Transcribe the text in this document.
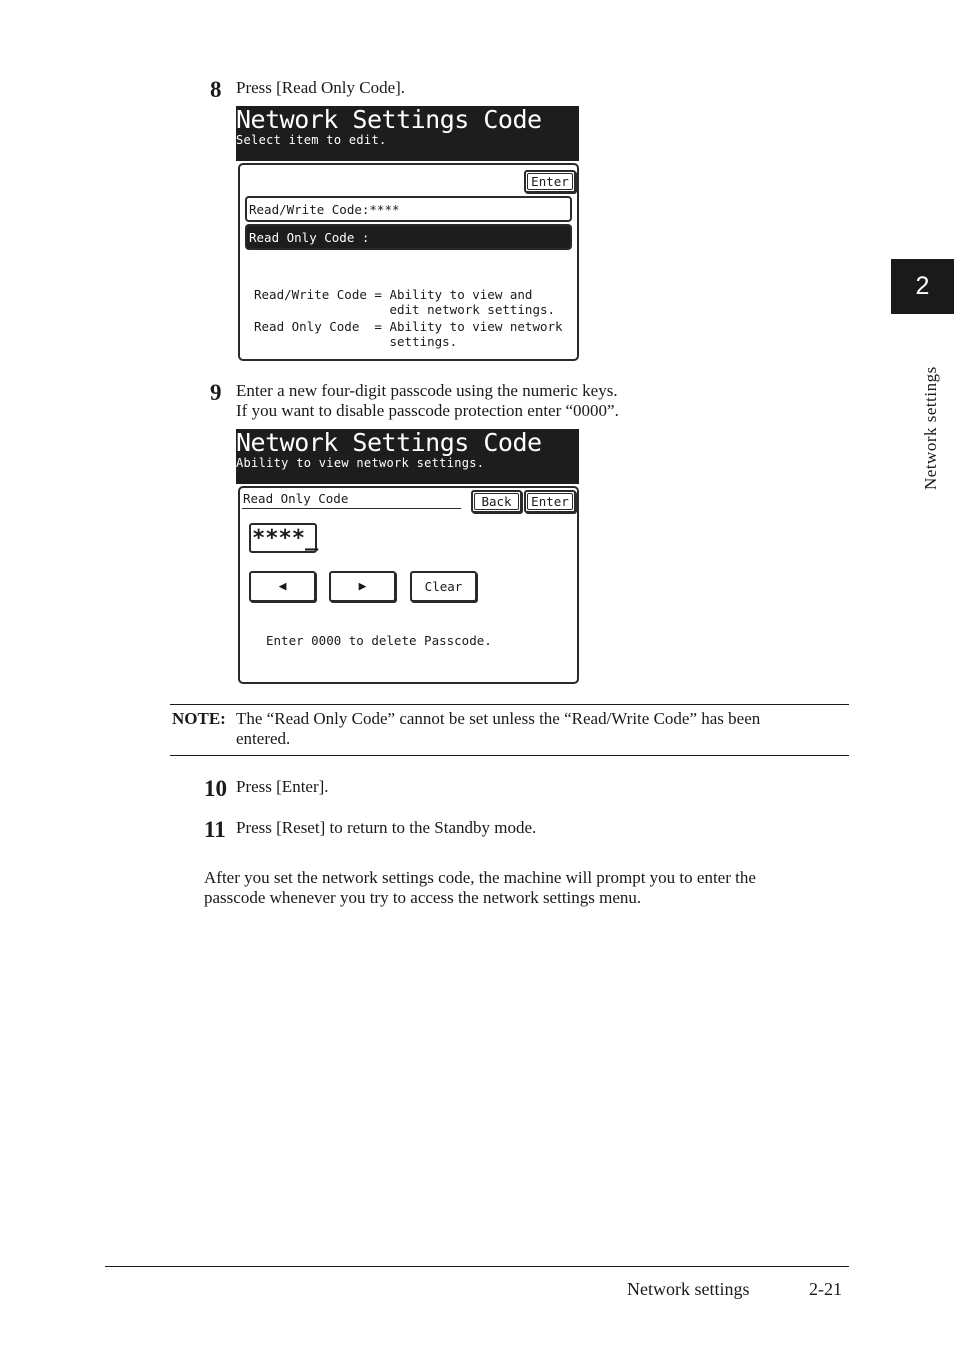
2
Network settings
8 Press [Read Only Code].
Network Settings Code
Select item to edit.
Enter
Read/Write Code:****
Read Only Code :
Read/Write Code = Ability to view and
edit network settings.
Read Only Code  = Ability to view network
settings.
9 Enter a new four-digit passcode using the numeric keys.
If you want to disable passcode protection enter “0000”.
Network Settings Code
Ability to view network settings.
Read Only Code	Back	Enter
****_
◀	▶	Clear
Enter 0000 to delete Passcode.
NOTE: The “Read Only Code” cannot be set unless the “Read/Write Code” has been
entered.
10 Press [Enter].
11 Press [Reset] to return to the Standby mode.
After you set the network settings code, the machine will prompt you to enter the
passcode whenever you try to access the network settings menu.
Network settings	2-21
